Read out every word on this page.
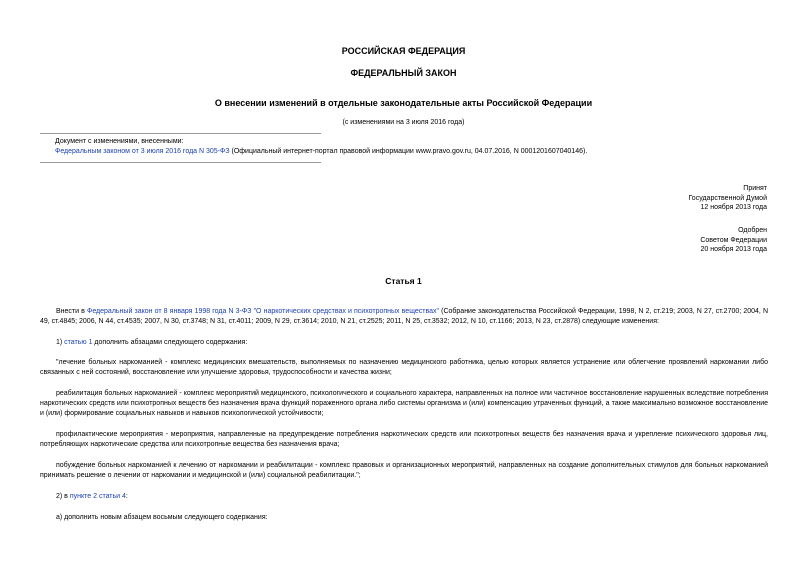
РОССИЙСКАЯ ФЕДЕРАЦИЯ
ФЕДЕРАЛЬНЫЙ ЗАКОН
О внесении изменений в отдельные законодательные акты Российской Федерации
(с изменениями на 3 июля 2016 года)
Документ с изменениями, внесенными:
Федеральным законом от 3 июля 2016 года N 305-ФЗ (Официальный интернет-портал правовой информации www.pravo.gov.ru, 04.07.2016, N 0001201607040146).
Принят
Государственной Думой
12 ноября 2013 года
Одобрен
Советом Федерации
20 ноября 2013 года
Статья 1
Внести в Федеральный закон от 8 января 1998 года N 3-ФЗ "О наркотических средствах и психотропных веществах" (Собрание законодательства Российской Федерации, 1998, N 2, ст.219; 2003, N 27, ст.2700; 2004, N 49, ст.4845; 2006, N 44, ст.4535; 2007, N 30, ст.3748; N 31, ст.4011; 2009, N 29, ст.3614; 2010, N 21, ст.2525; 2011, N 25, ст.3532; 2012, N 10, ст.1166; 2013, N 23, ст.2878) следующие изменения:
1) статью 1 дополнить абзацами следующего содержания:
"лечение больных наркоманией - комплекс медицинских вмешательств, выполняемых по назначению медицинского работника, целью которых является устранение или облегчение проявлений наркомании либо связанных с ней состояний, восстановление или улучшение здоровья, трудоспособности и качества жизни;
реабилитация больных наркоманией - комплекс мероприятий медицинского, психологического и социального характера, направленных на полное или частичное восстановление нарушенных вследствие потребления наркотических средств или психотропных веществ без назначения врача функций пораженного органа либо системы организма и (или) компенсацию утраченных функций, а также максимально возможное восстановление и (или) формирование социальных навыков и навыков психологической устойчивости;
профилактические мероприятия - мероприятия, направленные на предупреждение потребления наркотических средств или психотропных веществ без назначения врача и укрепление психического здоровья лиц, потребляющих наркотические средства или психотропные вещества без назначения врача;
побуждение больных наркоманией к лечению от наркомании и реабилитации - комплекс правовых и организационных мероприятий, направленных на создание дополнительных стимулов для больных наркоманией принимать решение о лечении от наркомании и медицинской и (или) социальной реабилитации.";
2) в пункте 2 статьи 4:
а) дополнить новым абзацем восьмым следующего содержания:
